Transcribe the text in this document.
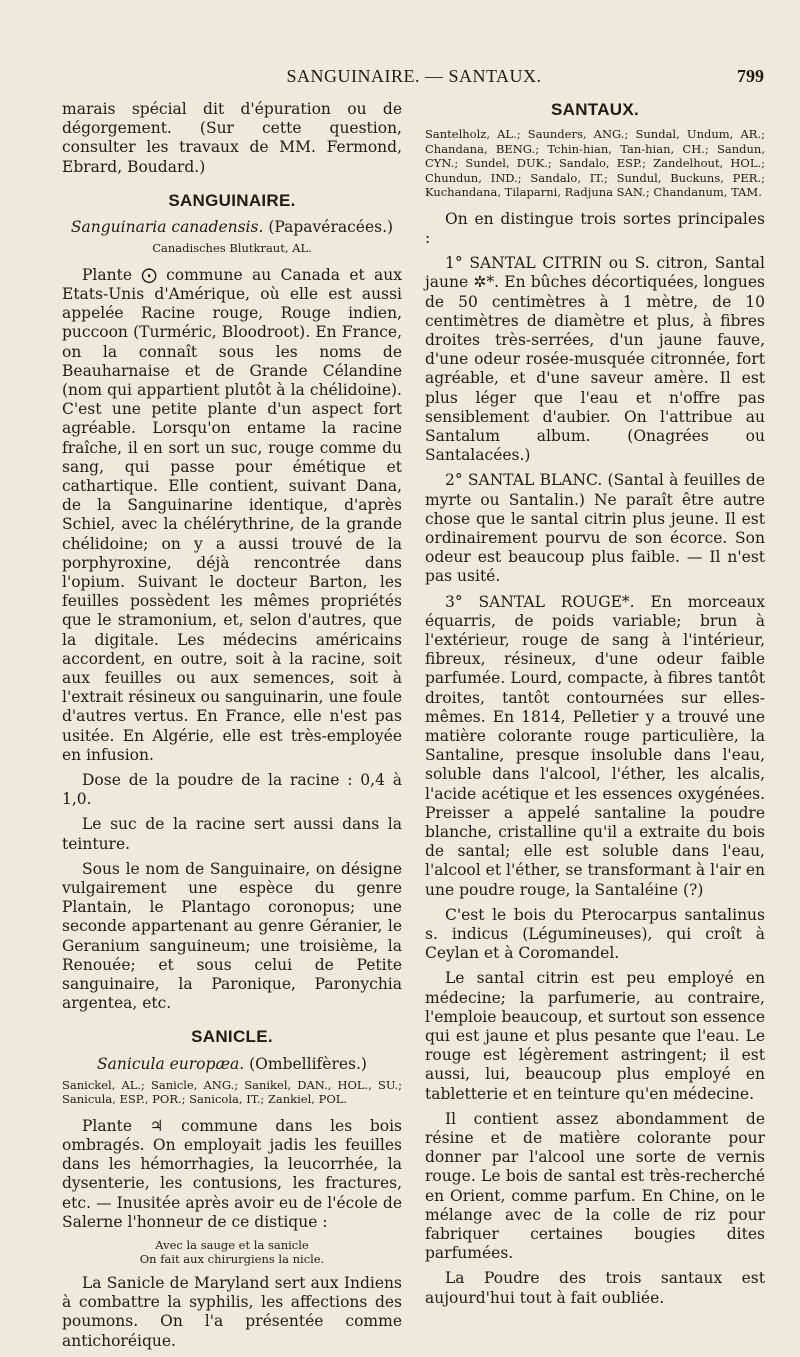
SANGUINAIRE. — SANTAUX.	799

marais spécial dit d'épuration ou de dégorgement. (Sur cette question, consulter les travaux de MM. Fermond, Ebrard, Boudard.)

SANGUINAIRE.
Sanguinaria canadensis. (Papavéracées.)
Canadisches Blutkraut, AL.

Plante ⨀ commune au Canada et aux Etats-Unis d'Amérique, où elle est aussi appelée Racine rouge, Rouge indien, puccoon (Turméric, Bloodroot). En France, on la connaît sous les noms de Beauharnaise et de Grande Célandine (nom qui appartient plutôt à la chélidoine). C'est une petite plante d'un aspect fort agréable. Lorsqu'on entame la racine fraîche, il en sort un suc, rouge comme du sang, qui passe pour émétique et cathartique. Elle contient, suivant Dana, de la Sanguinarine identique, d'après Schiel, avec la chélérythrine, de la grande chélidoine; on y a aussi trouvé de la porphyroxine, déjà rencontrée dans l'opium. Suivant le docteur Barton, les feuilles possèdent les mêmes propriétés que le stramonium, et, selon d'autres, que la digitale. Les médecins américains accordent, en outre, soit à la racine, soit aux feuilles ou aux semences, soit à l'extrait résineux ou sanguinarin, une foule d'autres vertus. En France, elle n'est pas usitée. En Algérie, elle est très-employée en infusion.

Dose de la poudre de la racine : 0,4 à 1,0.

Le suc de la racine sert aussi dans la teinture.

Sous le nom de Sanguinaire, on désigne vulgairement une espèce du genre Plantain, le Plantago coronopus; une seconde appartenant au genre Géranier, le Geranium sanguineum; une troisième, la Renouée; et sous celui de Petite sanguinaire, la Paronique, Paronychia argentea, etc.

SANICLE.
Sanicula europæa. (Ombellifères.)
Sanickel, AL.; Sanicle, ANG.; Sanikel, DAN., HOL., SU.; Sanicula, ESP., POR.; Sanicola, IT.; Zankiel, POL.

Plante ♃ commune dans les bois ombragés. On employait jadis les feuilles dans les hémorrhagies, la leucorrhée, la dysenterie, les contusions, les fractures, etc. — Inusitée après avoir eu de l'école de Salerne l'honneur de ce distique :

Avec la sauge et la sanicle
On fait aux chirurgiens la nicle.

La Sanicle de Maryland sert aux Indiens à combattre la syphilis, les affections des poumons. On l'a présentée comme antichoréique.

SANTAUX.
Santelholz, AL.; Saunders, ANG.; Sundal, Undum, AR.; Chandana, BENG.; Tchin-hian, Tan-hian, CH.; Sandun, CYN.; Sundel, DUK.; Sandalo, ESP.; Zandelhout, HOL.; Chundun, IND.; Sandalo, IT.; Sundul, Buckuns, PER.; Kuchandana, Tilaparni, Radjuna SAN.; Chandanum, TAM.

On en distingue trois sortes principales :

1° SANTAL CITRIN ou S. citron, Santal jaune ✲*. En bûches décortiquées, longues de 50 centimètres à 1 mètre, de 10 centimètres de diamètre et plus, à fibres droites très-serrées, d'un jaune fauve, d'une odeur rosée-musquée citronnée, fort agréable, et d'une saveur amère. Il est plus léger que l'eau et n'offre pas sensiblement d'aubier. On l'attribue au Santalum album. (Onagrées ou Santalacées.)

2° SANTAL BLANC. (Santal à feuilles de myrte ou Santalin.) Ne paraît être autre chose que le santal citrin plus jeune. Il est ordinairement pourvu de son écorce. Son odeur est beaucoup plus faible. — Il n'est pas usité.

3° SANTAL ROUGE*. En morceaux équarris, de poids variable; brun à l'extérieur, rouge de sang à l'intérieur, fibreux, résineux, d'une odeur faible parfumée. Lourd, compacte, à fibres tantôt droites, tantôt contournées sur elles-mêmes. En 1814, Pelletier y a trouvé une matière colorante rouge particulière, la Santaline, presque insoluble dans l'eau, soluble dans l'alcool, l'éther, les alcalis, l'acide acétique et les essences oxygénées. Preisser a appelé santaline la poudre blanche, cristalline qu'il a extraite du bois de santal; elle est soluble dans l'eau, l'alcool et l'éther, se transformant à l'air en une poudre rouge, la Santaléine (?)

C'est le bois du Pterocarpus santalinus s. indicus (Légumineuses), qui croît à Ceylan et à Coromandel.

Le santal citrin est peu employé en médecine; la parfumerie, au contraire, l'emploie beaucoup, et surtout son essence qui est jaune et plus pesante que l'eau. Le rouge est légèrement astringent; il est aussi, lui, beaucoup plus employé en tabletterie et en teinture qu'en médecine.

Il contient assez abondamment de résine et de matière colorante pour donner par l'alcool une sorte de vernis rouge. Le bois de santal est très-recherché en Orient, comme parfum. En Chine, on le mélange avec de la colle de riz pour fabriquer certaines bougies dites parfumées.

La Poudre des trois santaux est aujourd'hui tout à fait oubliée.
